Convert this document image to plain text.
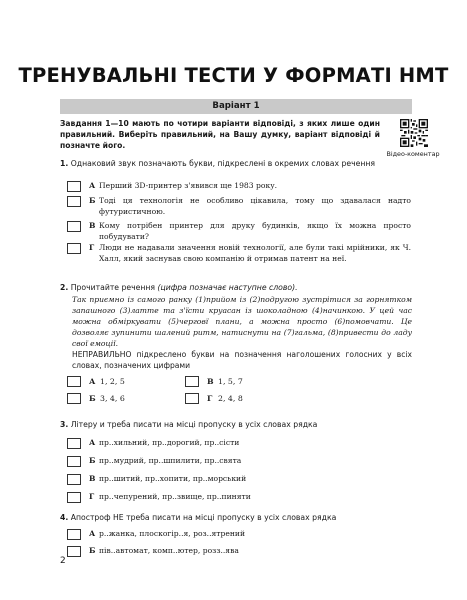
ТРЕНУВАЛЬНІ ТЕСТИ У ФОРМАТІ НМТ
Варіант 1
Завдання 1—10 мають по чотири варіанти відповіді, з яких лише один правильний. Виберіть правильний, на Вашу думку, варіант відповіді й позначте його.
Відео-коментар
1. Однаковий звук позначають букви, підкреслені в окремих словах речення
А Перший 3D-принтер з'явився ще 1983 року.
Б Тоді ця технологія не особливо цікавила, тому що здавалася надто футуристичною.
В Кому потрібен принтер для друку будинків, якщо їх можна просто побудувати?
Г Люди не надавали значення новій технології, але були такі мрійники, як Ч. Халл, який заснував свою компанію й отримав патент на неї.
2. Прочитайте речення (цифра позначає наступне слово).
Так приємно із самого ранку (1)прийом із (2)подругою зустрітися за горнятком запашного (3)латте та з'їсти круасан із шоколадною (4)начинкою. У цей час можна обміркувати (5)черговї плани, а можна просто (6)помовчати. Це дозволяє зупинити шалений ритм, натиснути на (7)гальма, (8)привестu до ладу свої емоції.
НЕПРАВИЛЬНО підкреслено букви на позначення наголошених голосних у всіх словах, позначених цифрами
А 1, 2, 5	В 1, 5, 7
Б 3, 4, 6	Г 2, 4, 8
3. Літеру и треба писати на місці пропуску в усіх словах рядка
А пр..хильний, пр..дорогий, пр..сісти
Б пр..мудрий, пр..шпилити, пр..свята
В пр..шитий, пр..хопити, пр..морський
Г пр..чепурений, пр..звище, пр..пиняти
4. Апостроф НЕ треба писати на місці пропуску в усіх словах рядка
А р..жанка, плоскогір..я, роз..ятрений
Б пів..автомат, комп..ютер, розз..ява
2
